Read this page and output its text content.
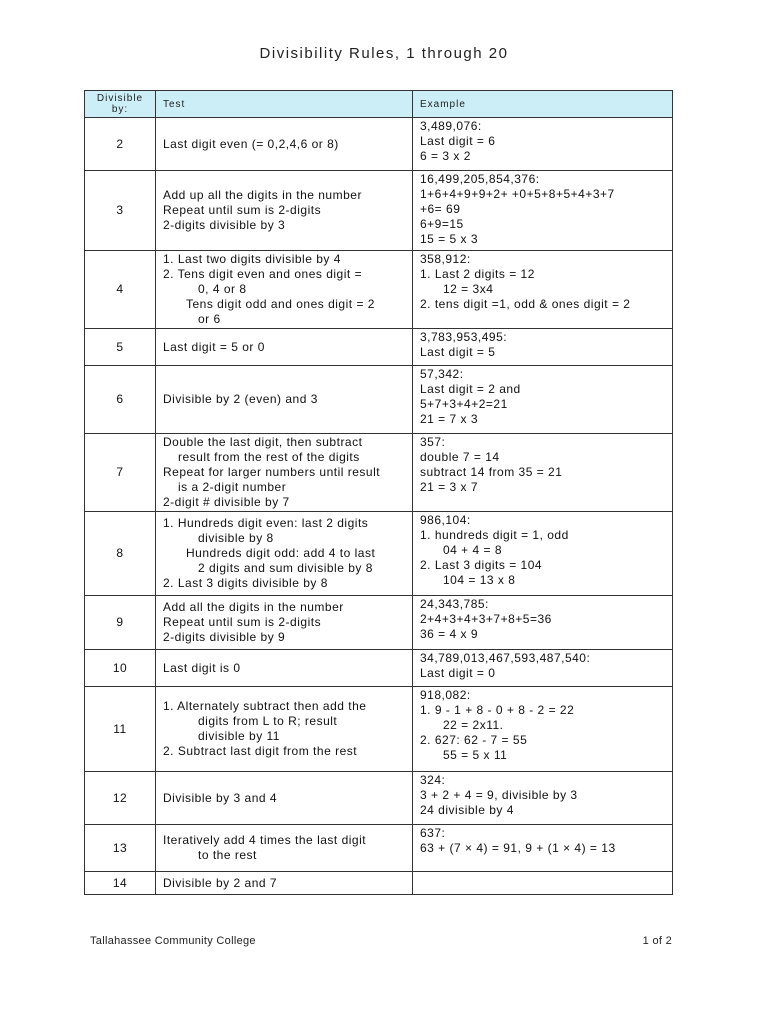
Divisibility Rules, 1 through 20
Divisible by:	Test	Example
2	Last digit even (= 0,2,4,6 or 8)	3,489,076:
Last digit = 6
6 = 3 x 2

3	Add up all the digits in the number
Repeat until sum is 2-digits
2-digits divisible by 3	16,499,205,854,376:
1+6+4+9+9+2+ +0+5+8+5+4+3+7
+6= 69
6+9=15
15 = 5 x 3

4	1. Last two digits divisible by 4
2. Tens digit even and ones digit =
0, 4 or 8
Tens digit odd and ones digit = 2
or 6	358,912:
1. Last 2 digits = 12
12 = 3x4
2. tens digit =1, odd & ones digit = 2

5	Last digit = 5 or 0	3,783,953,495:
Last digit = 5

6	Divisible by 2 (even) and 3	57,342:
Last digit = 2 and
5+7+3+4+2=21
21 = 7 x 3

7	Double the last digit, then subtract
result from the rest of the digits
Repeat for larger numbers until result
is a 2-digit number
2-digit # divisible by 7	357:
double 7 = 14
subtract 14 from 35 = 21
21 = 3 x 7

8	1. Hundreds digit even: last 2 digits
divisible by 8
Hundreds digit odd: add 4 to last
2 digits and sum divisible by 8
2. Last 3 digits divisible by 8	986,104:
1. hundreds digit = 1, odd
04 + 4 = 8
2. Last 3 digits = 104
104 = 13 x 8

9	Add all the digits in the number
Repeat until sum is 2-digits
2-digits divisible by 9	24,343,785:
2+4+3+4+3+7+8+5=36
36 = 4 x 9

10	Last digit is 0	34,789,013,467,593,487,540:
Last digit = 0

11	1. Alternately subtract then add the
digits from L to R; result
divisible by 11
2. Subtract last digit from the rest	918,082:
1. 9 - 1 + 8 - 0 + 8 - 2 = 22
22 = 2x11.
2. 627: 62 - 7 = 55
55 = 5 x 11

12	Divisible by 3 and 4	324:
3 + 2 + 4 = 9, divisible by 3
24 divisible by 4

13	Iteratively add 4 times the last digit
to the rest	637:
63 + (7 × 4) = 91, 9 + (1 × 4) = 13

14	Divisible by 2 and 7	

Tallahassee Community College	1 of 2
